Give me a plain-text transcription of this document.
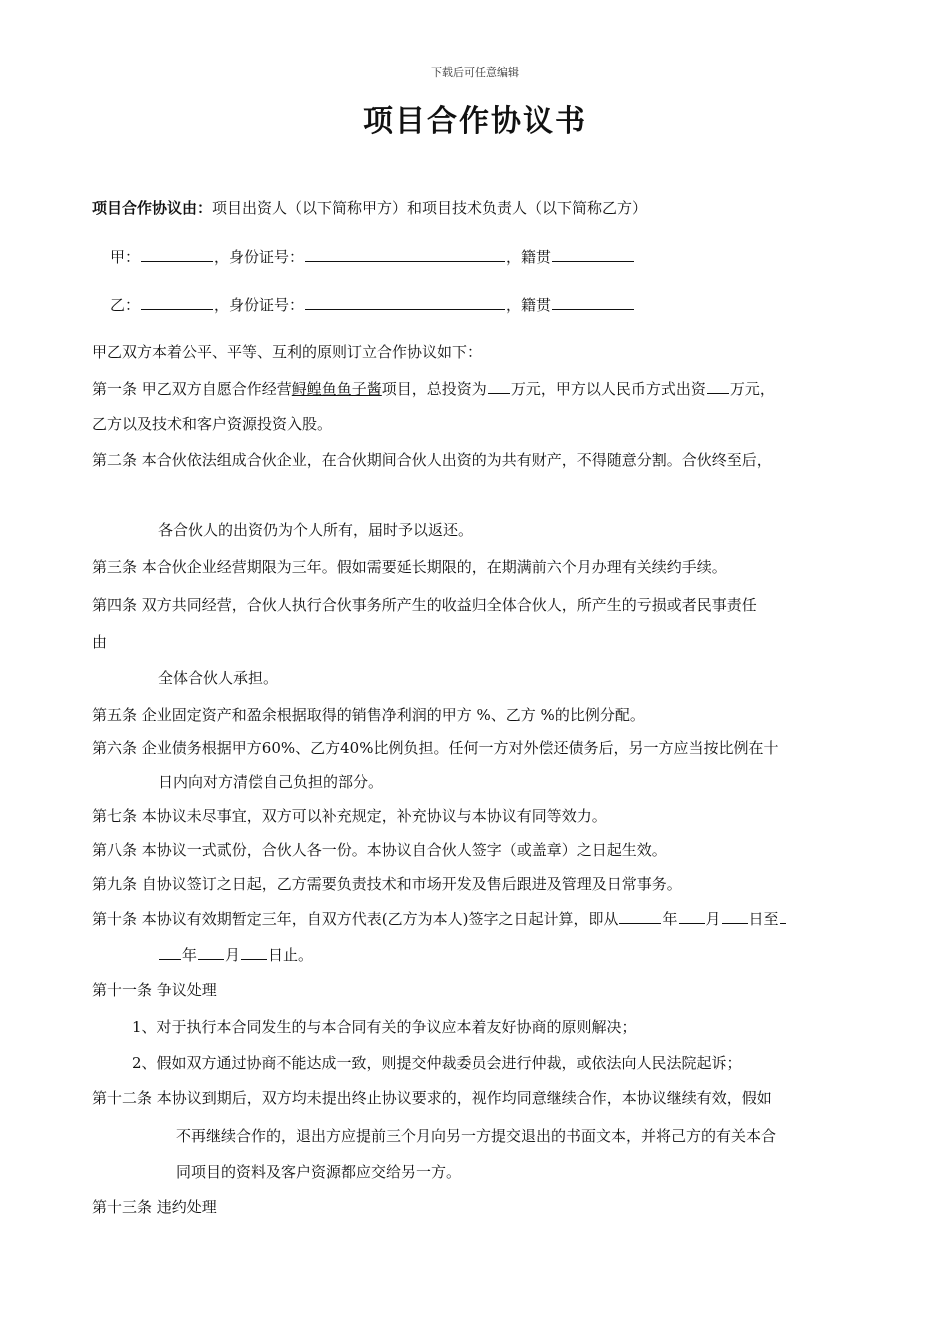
下载后可任意编辑
项目合作协议书
项目合作协议由：项目出资人（以下简称甲方）和项目技术负责人（以下简称乙方）
甲：	，身份证号：	，籍贯
乙：	，身份证号：	，籍贯
甲乙双方本着公平、平等、互利的原则订立合作协议如下：
第一条 甲乙双方自愿合作经营鲟鳇鱼鱼子酱项目，总投资为 万元，甲方以人民币方式出资 万元，
乙方以及技术和客户资源投资入股。
第二条 本合伙依法组成合伙企业，在合伙期间合伙人出资的为共有财产，不得随意分割。合伙终至后，
各合伙人的出资仍为个人所有，届时予以返还。
第三条 本合伙企业经营期限为三年。假如需要延长期限的，在期满前六个月办理有关续约手续。
第四条 双方共同经营，合伙人执行合伙事务所产生的收益归全体合伙人，所产生的亏损或者民事责任
由
全体合伙人承担。
第五条 企业固定资产和盈余根据取得的销售净利润的甲方 %、乙方 %的比例分配。
第六条 企业债务根据甲方60%、乙方40%比例负担。任何一方对外偿还债务后，另一方应当按比例在十
日内向对方清偿自己负担的部分。
第七条 本协议未尽事宜，双方可以补充规定，补充协议与本协议有同等效力。
第八条 本协议一式贰份，合伙人各一份。本协议自合伙人签字（或盖章）之日起生效。
第九条 自协议签订之日起，乙方需要负责技术和市场开发及售后跟进及管理及日常事务。
第十条 本协议有效期暂定三年，自双方代表(乙方为本人)签字之日起计算，即从	年 月 日至
年 月 日止。
第十一条 争议处理
1、对于执行本合同发生的与本合同有关的争议应本着友好协商的原则解决；
2、假如双方通过协商不能达成一致，则提交仲裁委员会进行仲裁，或依法向人民法院起诉；
第十二条 本协议到期后，双方均未提出终止协议要求的，视作均同意继续合作，本协议继续有效，假如
不再继续合作的，退出方应提前三个月向另一方提交退出的书面文本，并将己方的有关本合
同项目的资料及客户资源都应交给另一方。
第十三条 违约处理
